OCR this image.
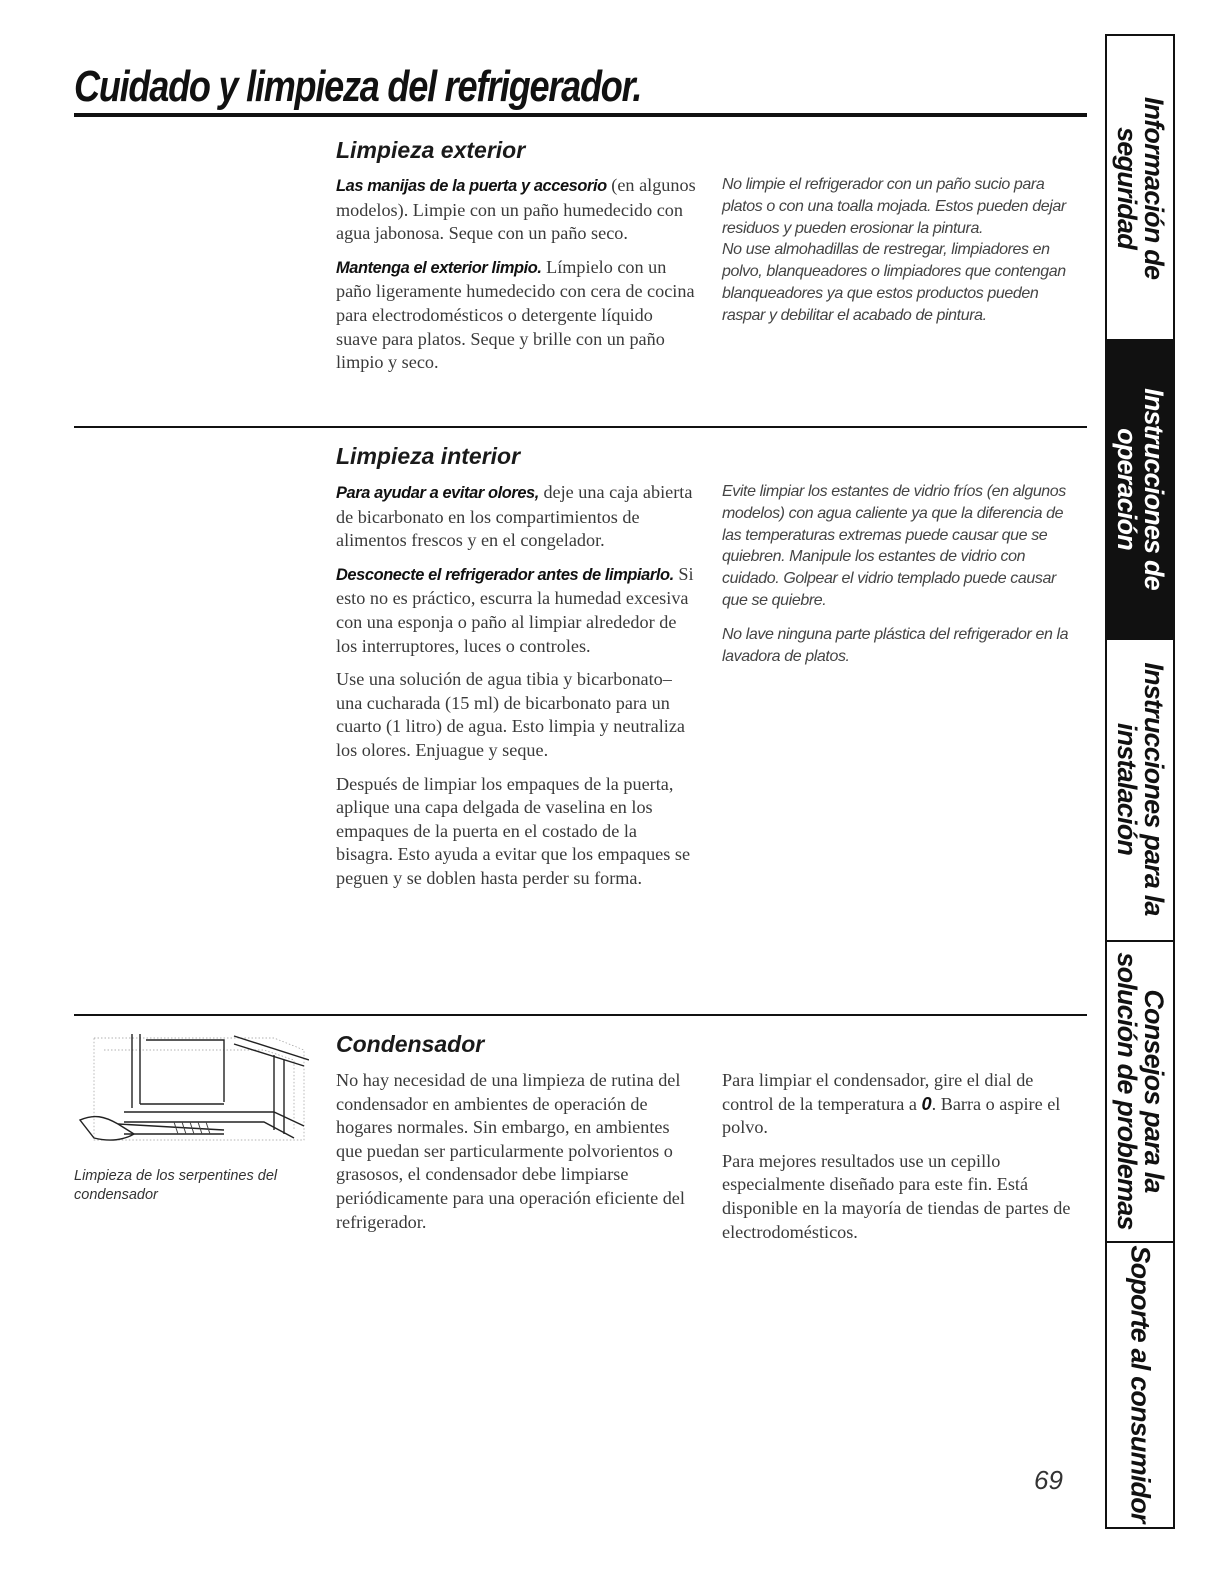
Cuidado y limpieza del refrigerador.
Limpieza exterior

Las manijas de la puerta y accesorio (en algunos modelos). Limpie con un paño humedecido con agua jabonosa. Seque con un paño seco.

Mantenga el exterior limpio. Límpielo con un paño ligeramente humedecido con cera de cocina para electrodomésticos o detergente líquido suave para platos. Seque y brille con un paño limpio y seco.

No limpie el refrigerador con un paño sucio para platos o con una toalla mojada. Estos pueden dejar residuos y pueden erosionar la pintura.

No use almohadillas de restregar, limpiadores en polvo, blanqueadores o limpiadores que contengan blanqueadores ya que estos productos pueden raspar y debilitar el acabado de pintura.

Limpieza interior

Para ayudar a evitar olores, deje una caja abierta de bicarbonato en los compartimientos de alimentos frescos y en el congelador.

Desconecte el refrigerador antes de limpiarlo. Si esto no es práctico, escurra la humedad excesiva con una esponja o paño al limpiar alrededor de los interruptores, luces o controles.

Use una solución de agua tibia y bicarbonato–una cucharada (15 ml) de bicarbonato para un cuarto (1 litro) de agua. Esto limpia y neutraliza los olores. Enjuague y seque.

Después de limpiar los empaques de la puerta, aplique una capa delgada de vaselina en los empaques de la puerta en el costado de la bisagra. Esto ayuda a evitar que los empaques se peguen y se doblen hasta perder su forma.

Evite limpiar los estantes de vidrio fríos (en algunos modelos) con agua caliente ya que la diferencia de las temperaturas extremas puede causar que se quiebren. Manipule los estantes de vidrio con cuidado. Golpear el vidrio templado puede causar que se quiebre.

No lave ninguna parte plástica del refrigerador en la lavadora de platos.

Limpieza de los serpentines del condensador
Condensador

No hay necesidad de una limpieza de rutina del condensador en ambientes de operación de hogares normales. Sin embargo, en ambientes que puedan ser particularmente polvorientos o grasosos, el condensador debe limpiarse periódicamente para una operación eficiente del refrigerador.

Para limpiar el condensador, gire el dial de control de la temperatura a 0. Barra o aspire el polvo.

Para mejores resultados use un cepillo especialmente diseñado para este fin. Está disponible en la mayoría de tiendas de partes de electrodomésticos.

69
Información de
seguridad
Instrucciones de
operación
Instrucciones para la
instalación
Consejos para la
solución de problemas
Soporte al consumidor
